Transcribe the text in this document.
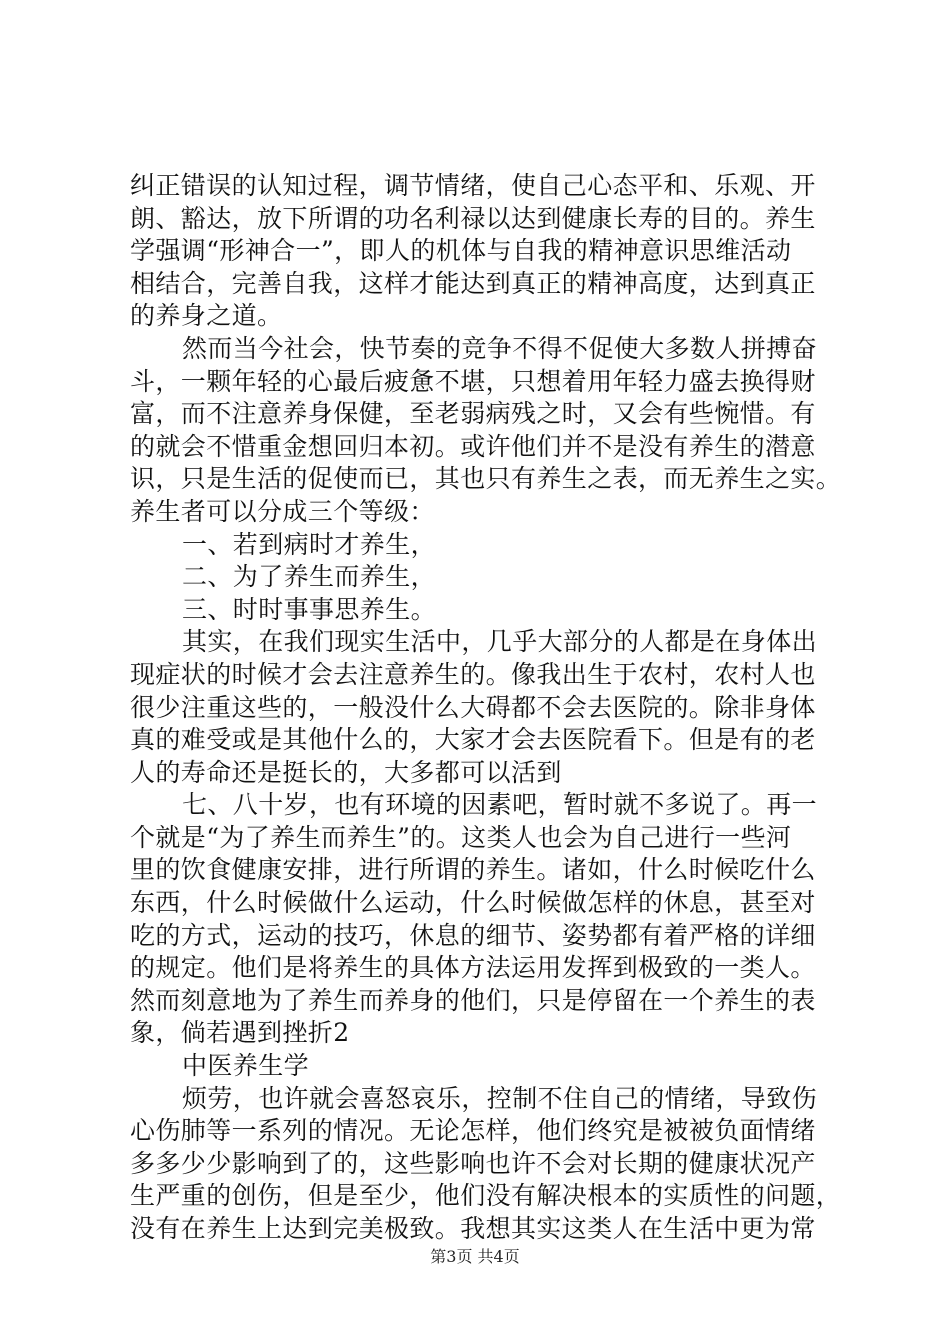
纠正错误的认知过程，调节情绪，使自己心态平和、乐观、开
朗、豁达，放下所谓的功名利禄以达到健康长寿的目的。养生
学强调“形神合一”，即人的机体与自我的精神意识思维活动
相结合，完善自我，这样才能达到真正的精神高度，达到真正
的养身之道。
然而当今社会，快节奏的竞争不得不促使大多数人拼搏奋
斗，一颗年轻的心最后疲惫不堪，只想着用年轻力盛去换得财
富，而不注意养身保健，至老弱病残之时，又会有些惋惜。有
的就会不惜重金想回归本初。或许他们并不是没有养生的潜意
识，只是生活的促使而已，其也只有养生之表，而无养生之实。
养生者可以分成三个等级：
一、若到病时才养生，
二、为了养生而养生，
三、时时事事思养生。
其实，在我们现实生活中，几乎大部分的人都是在身体出
现症状的时候才会去注意养生的。像我出生于农村，农村人也
很少注重这些的，一般没什么大碍都不会去医院的。除非身体
真的难受或是其他什么的，大家才会去医院看下。但是有的老
人的寿命还是挺长的，大多都可以活到
七、八十岁，也有环境的因素吧，暂时就不多说了。再一
个就是“为了养生而养生”的。这类人也会为自己进行一些河
里的饮食健康安排，进行所谓的养生。诸如，什么时候吃什么
东西，什么时候做什么运动，什么时候做怎样的休息，甚至对
吃的方式，运动的技巧，休息的细节、姿势都有着严格的详细
的规定。他们是将养生的具体方法运用发挥到极致的一类人。
然而刻意地为了养生而养身的他们，只是停留在一个养生的表
象，倘若遇到挫折2
中医养生学
烦劳，也许就会喜怒哀乐，控制不住自己的情绪，导致伤
心伤肺等一系列的情况。无论怎样，他们终究是被被负面情绪
多多少少影响到了的，这些影响也许不会对长期的健康状况产
生严重的创伤，但是至少，他们没有解决根本的实质性的问题，
没有在养生上达到完美极致。我想其实这类人在生活中更为常
第3页 共4页
